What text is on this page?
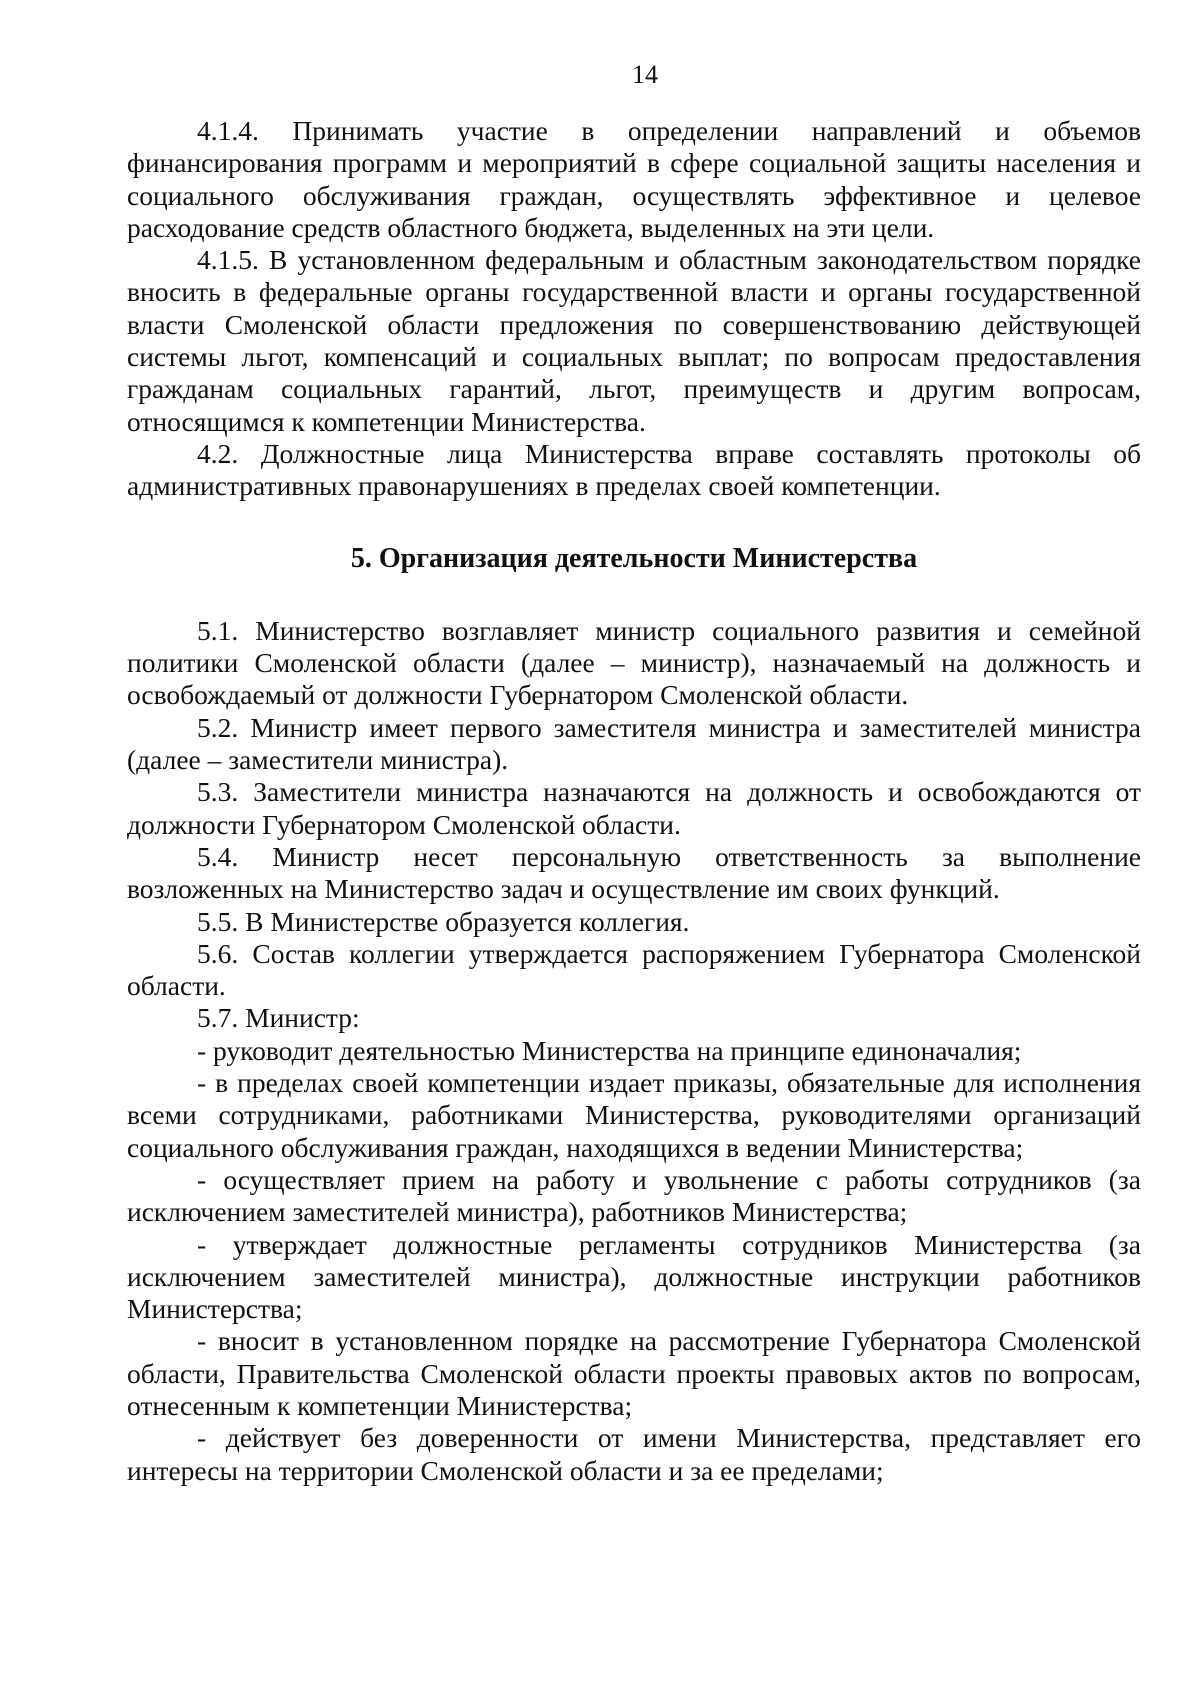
14

4.1.4. Принимать участие в определении направлений и объемов финансирования программ и мероприятий в сфере социальной защиты населения и социального обслуживания граждан, осуществлять эффективное и целевое расходование средств областного бюджета, выделенных на эти цели.

4.1.5. В установленном федеральным и областным законодательством порядке вносить в федеральные органы государственной власти и органы государственной власти Смоленской области предложения по совершенствованию действующей системы льгот, компенсаций и социальных выплат; по вопросам предоставления гражданам социальных гарантий, льгот, преимуществ и другим вопросам, относящимся к компетенции Министерства.

4.2. Должностные лица Министерства вправе составлять протоколы об административных правонарушениях в пределах своей компетенции.

5. Организация деятельности Министерства

5.1. Министерство возглавляет министр социального развития и семейной политики Смоленской области (далее – министр), назначаемый на должность и освобождаемый от должности Губернатором Смоленской области.

5.2. Министр имеет первого заместителя министра и заместителей министра (далее – заместители министра).

5.3. Заместители министра назначаются на должность и освобождаются от должности Губернатором Смоленской области.

5.4. Министр несет персональную ответственность за выполнение возложенных на Министерство задач и осуществление им своих функций.

5.5. В Министерстве образуется коллегия.

5.6. Состав коллегии утверждается распоряжением Губернатора Смоленской области.

5.7. Министр:

- руководит деятельностью Министерства на принципе единоначалия;

- в пределах своей компетенции издает приказы, обязательные для исполнения всеми сотрудниками, работниками Министерства, руководителями организаций социального обслуживания граждан, находящихся в ведении Министерства;

- осуществляет прием на работу и увольнение с работы сотрудников (за исключением заместителей министра), работников Министерства;

- утверждает должностные регламенты сотрудников Министерства (за исключением заместителей министра), должностные инструкции работников Министерства;

- вносит в установленном порядке на рассмотрение Губернатора Смоленской области, Правительства Смоленской области проекты правовых актов по вопросам, отнесенным к компетенции Министерства;

- действует без доверенности от имени Министерства, представляет его интересы на территории Смоленской области и за ее пределами;
